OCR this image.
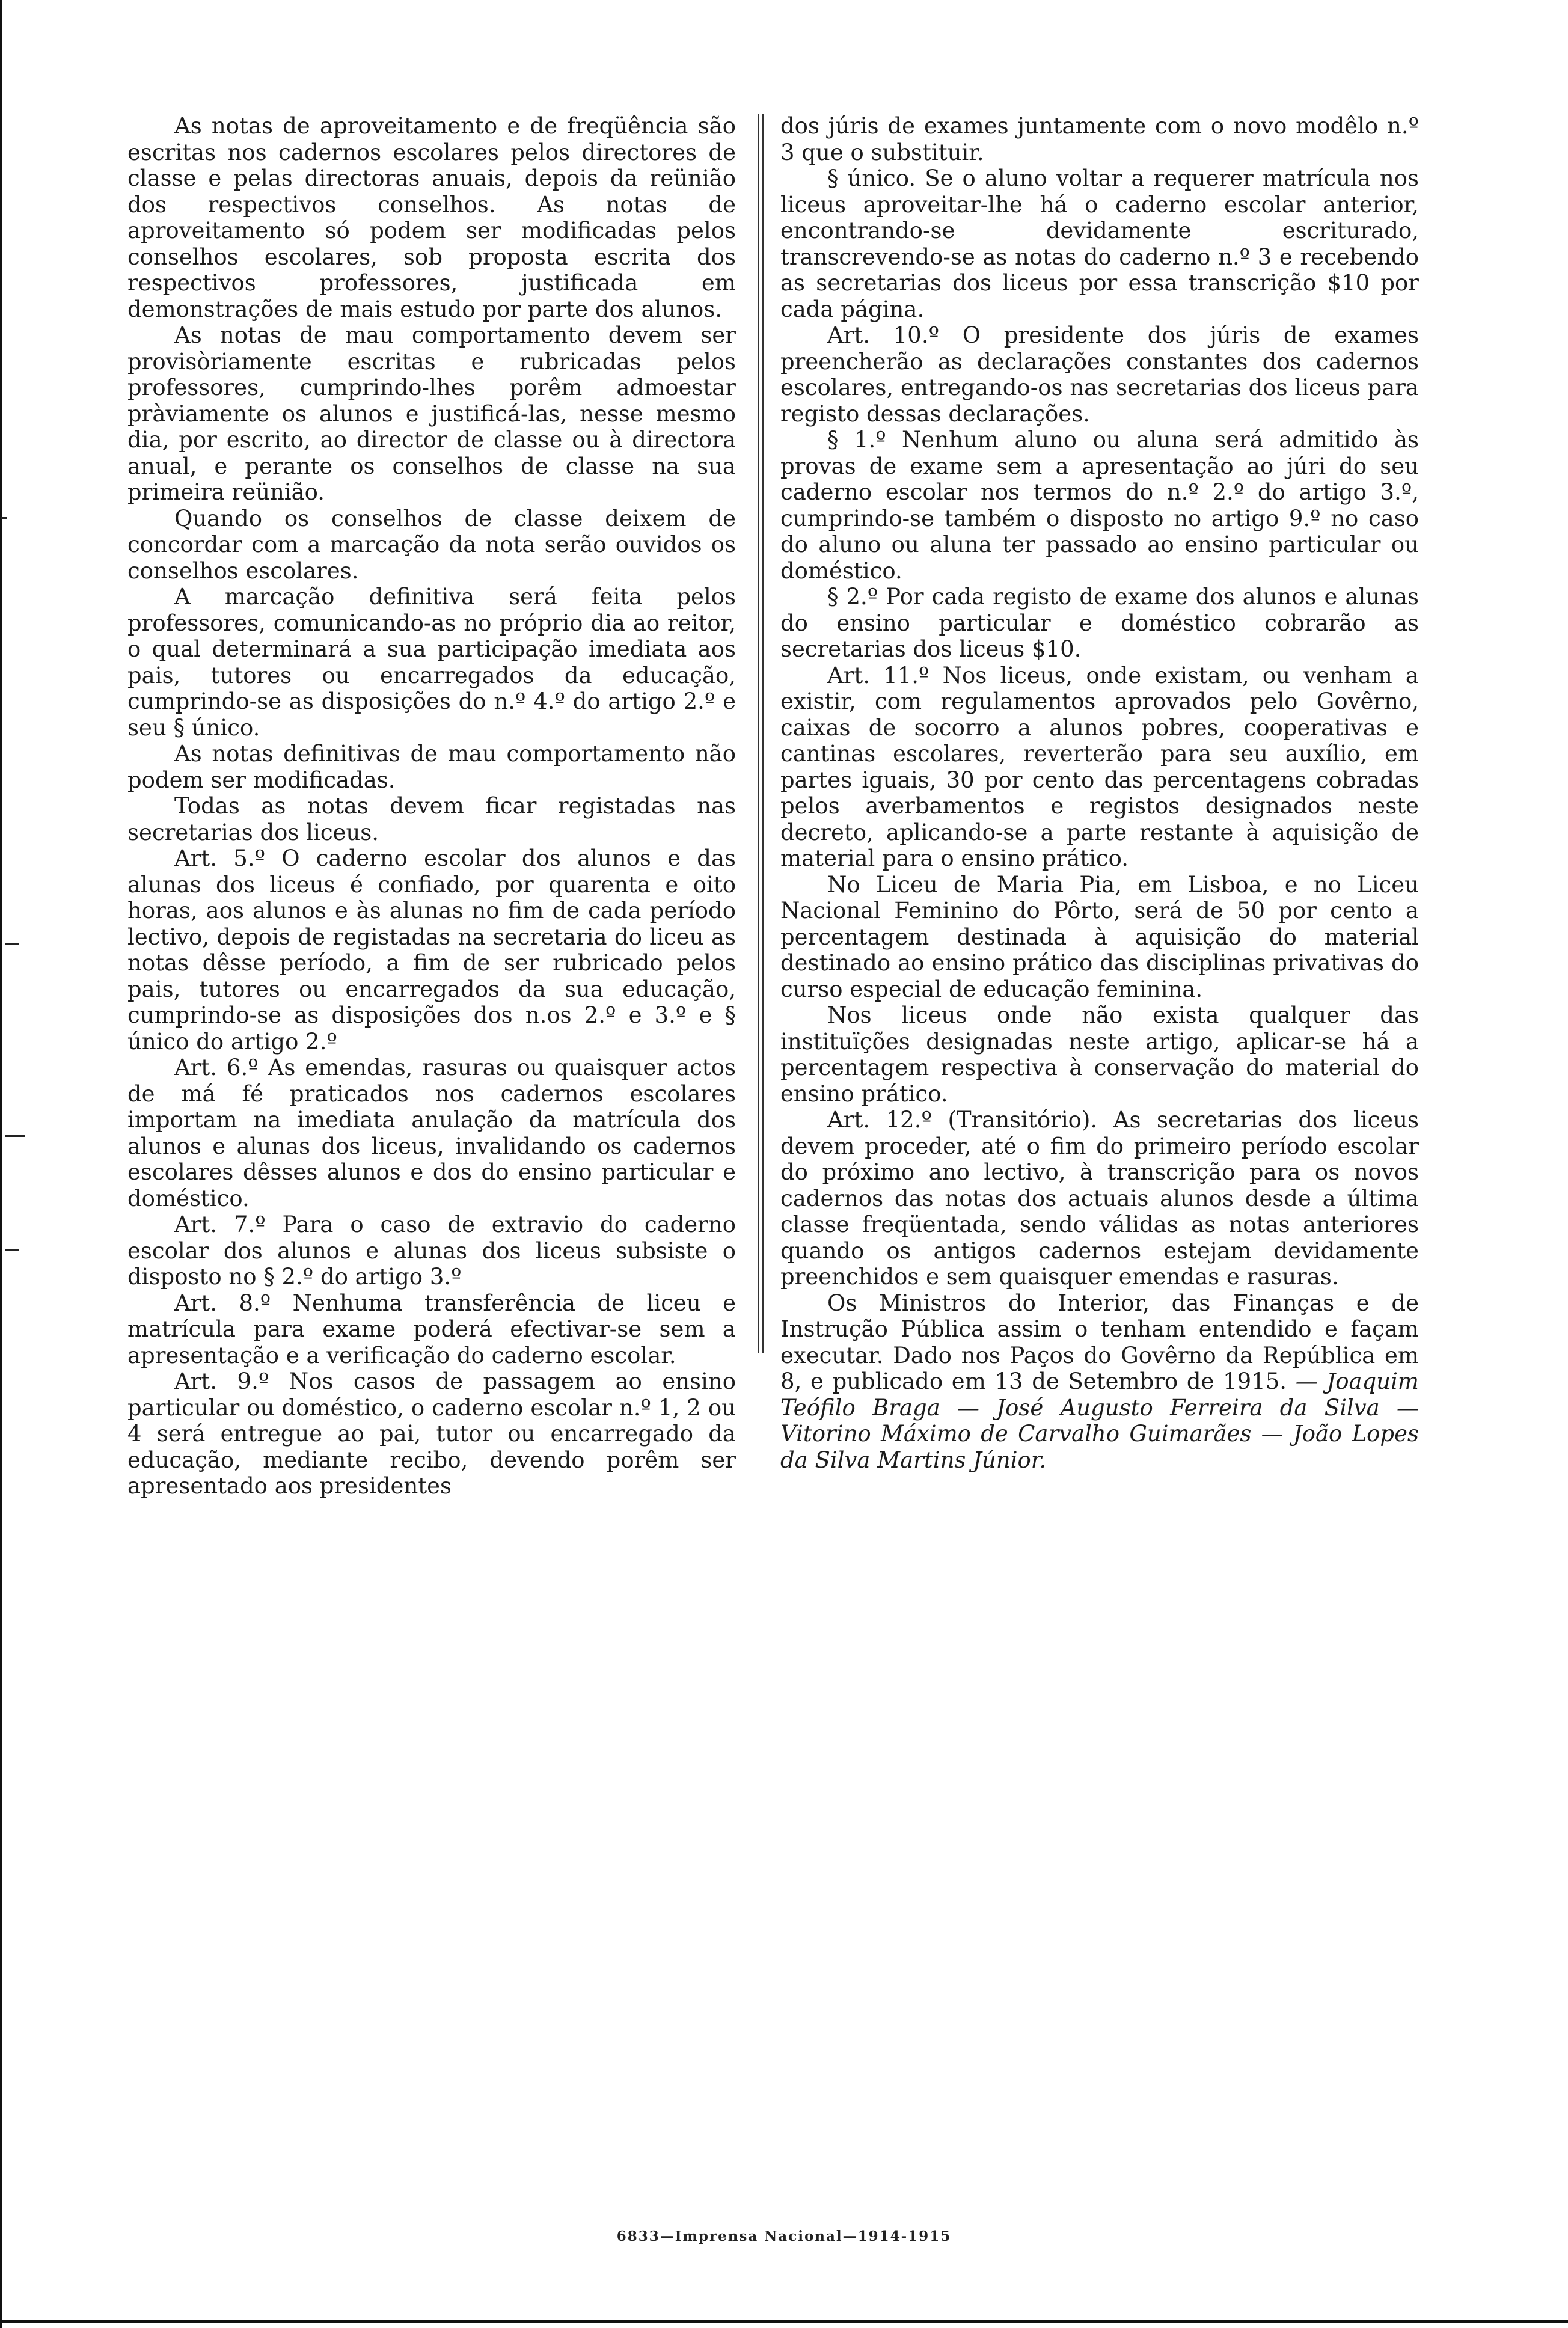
As notas de aproveitamento e de freqüência são escritas nos cadernos escolares pelos directores de classe e pelas directoras anuais, depois da reünião dos respectivos conselhos. As notas de aproveitamento só podem ser modificadas pelos conselhos escolares, sob proposta escrita dos respectivos professores, justificada em demonstrações de mais estudo por parte dos alunos.

As notas de mau comportamento devem ser provisòriamente escritas e rubricadas pelos professores, cumprindo-lhes porêm admoestar pràviamente os alunos e justificá-las, nesse mesmo dia, por escrito, ao director de classe ou à directora anual, e perante os conselhos de classe na sua primeira reünião.

Quando os conselhos de classe deixem de concordar com a marcação da nota serão ouvidos os conselhos escolares.

A marcação definitiva será feita pelos professores, comunicando-as no próprio dia ao reitor, o qual determinará a sua participação imediata aos pais, tutores ou encarregados da educação, cumprindo-se as disposições do n.º 4.º do artigo 2.º e seu § único.

As notas definitivas de mau comportamento não podem ser modificadas.

Todas as notas devem ficar registadas nas secretarias dos liceus.

Art. 5.º O caderno escolar dos alunos e das alunas dos liceus é confiado, por quarenta e oito horas, aos alunos e às alunas no fim de cada período lectivo, depois de registadas na secretaria do liceu as notas dêsse período, a fim de ser rubricado pelos pais, tutores ou encarregados da sua educação, cumprindo-se as disposições dos n.os 2.º e 3.º e § único do artigo 2.º

Art. 6.º As emendas, rasuras ou quaisquer actos de má fé praticados nos cadernos escolares importam na imediata anulação da matrícula dos alunos e alunas dos liceus, invalidando os cadernos escolares dêsses alunos e dos do ensino particular e doméstico.

Art. 7.º Para o caso de extravio do caderno escolar dos alunos e alunas dos liceus subsiste o disposto no § 2.º do artigo 3.º

Art. 8.º Nenhuma transferência de liceu e matrícula para exame poderá efectivar-se sem a apresentação e a verificação do caderno escolar.

Art. 9.º Nos casos de passagem ao ensino particular ou doméstico, o caderno escolar n.º 1, 2 ou 4 será entregue ao pai, tutor ou encarregado da educação, mediante recibo, devendo porêm ser apresentado aos presidentes

dos júris de exames juntamente com o novo modêlo n.º 3 que o substituir.

§ único. Se o aluno voltar a requerer matrícula nos liceus aproveitar-lhe há o caderno escolar anterior, encontrando-se devidamente escriturado, transcrevendo-se as notas do caderno n.º 3 e recebendo as secretarias dos liceus por essa transcrição $10 por cada página.

Art. 10.º O presidente dos júris de exames preencherão as declarações constantes dos cadernos escolares, entregando-os nas secretarias dos liceus para registo dessas declarações.

§ 1.º Nenhum aluno ou aluna será admitido às provas de exame sem a apresentação ao júri do seu caderno escolar nos termos do n.º 2.º do artigo 3.º, cumprindo-se também o disposto no artigo 9.º no caso do aluno ou aluna ter passado ao ensino particular ou doméstico.

§ 2.º Por cada registo de exame dos alunos e alunas do ensino particular e doméstico cobrarão as secretarias dos liceus $10.

Art. 11.º Nos liceus, onde existam, ou venham a existir, com regulamentos aprovados pelo Govêrno, caixas de socorro a alunos pobres, cooperativas e cantinas escolares, reverterão para seu auxílio, em partes iguais, 30 por cento das percentagens cobradas pelos averbamentos e registos designados neste decreto, aplicando-se a parte restante à aquisição de material para o ensino prático.

No Liceu de Maria Pia, em Lisboa, e no Liceu Nacional Feminino do Pôrto, será de 50 por cento a percentagem destinada à aquisição do material destinado ao ensino prático das disciplinas privativas do curso especial de educação feminina.

Nos liceus onde não exista qualquer das instituïções designadas neste artigo, aplicar-se há a percentagem respectiva à conservação do material do ensino prático.

Art. 12.º (Transitório). As secretarias dos liceus devem proceder, até o fim do primeiro período escolar do próximo ano lectivo, à transcrição para os novos cadernos das notas dos actuais alunos desde a última classe freqüentada, sendo válidas as notas anteriores quando os antigos cadernos estejam devidamente preenchidos e sem quaisquer emendas e rasuras.

Os Ministros do Interior, das Finanças e de Instrução Pública assim o tenham entendido e façam executar. Dado nos Paços do Govêrno da República em 8, e publicado em 13 de Setembro de 1915. — Joaquim Teófilo Braga — José Augusto Ferreira da Silva — Vitorino Máximo de Carvalho Guimarães — João Lopes da Silva Martins Júnior.

6833—Imprensa Nacional—1914-1915
